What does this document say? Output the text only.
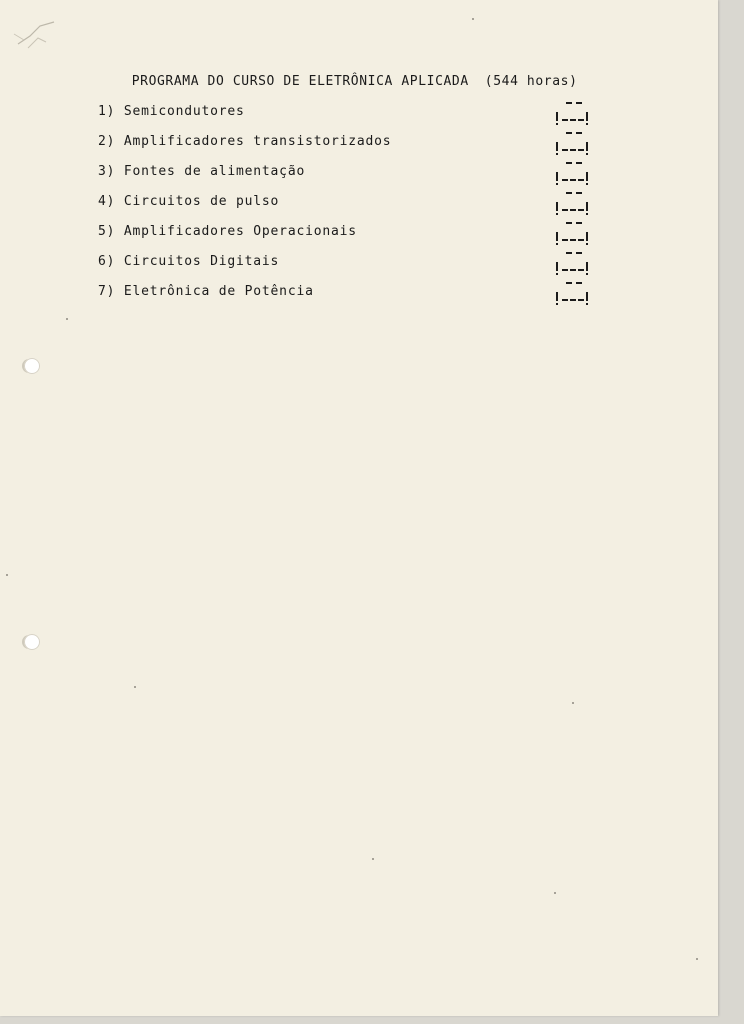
PROGRAMA DO CURSO DE ELETRÔNICA APLICADA (544 horas)

1) Semicondutores
2) Amplificadores transistorizados
3) Fontes de alimentação
4) Circuitos de pulso
5) Amplificadores Operacionais
6) Circuitos Digitais
7) Eletrônica de Potência
